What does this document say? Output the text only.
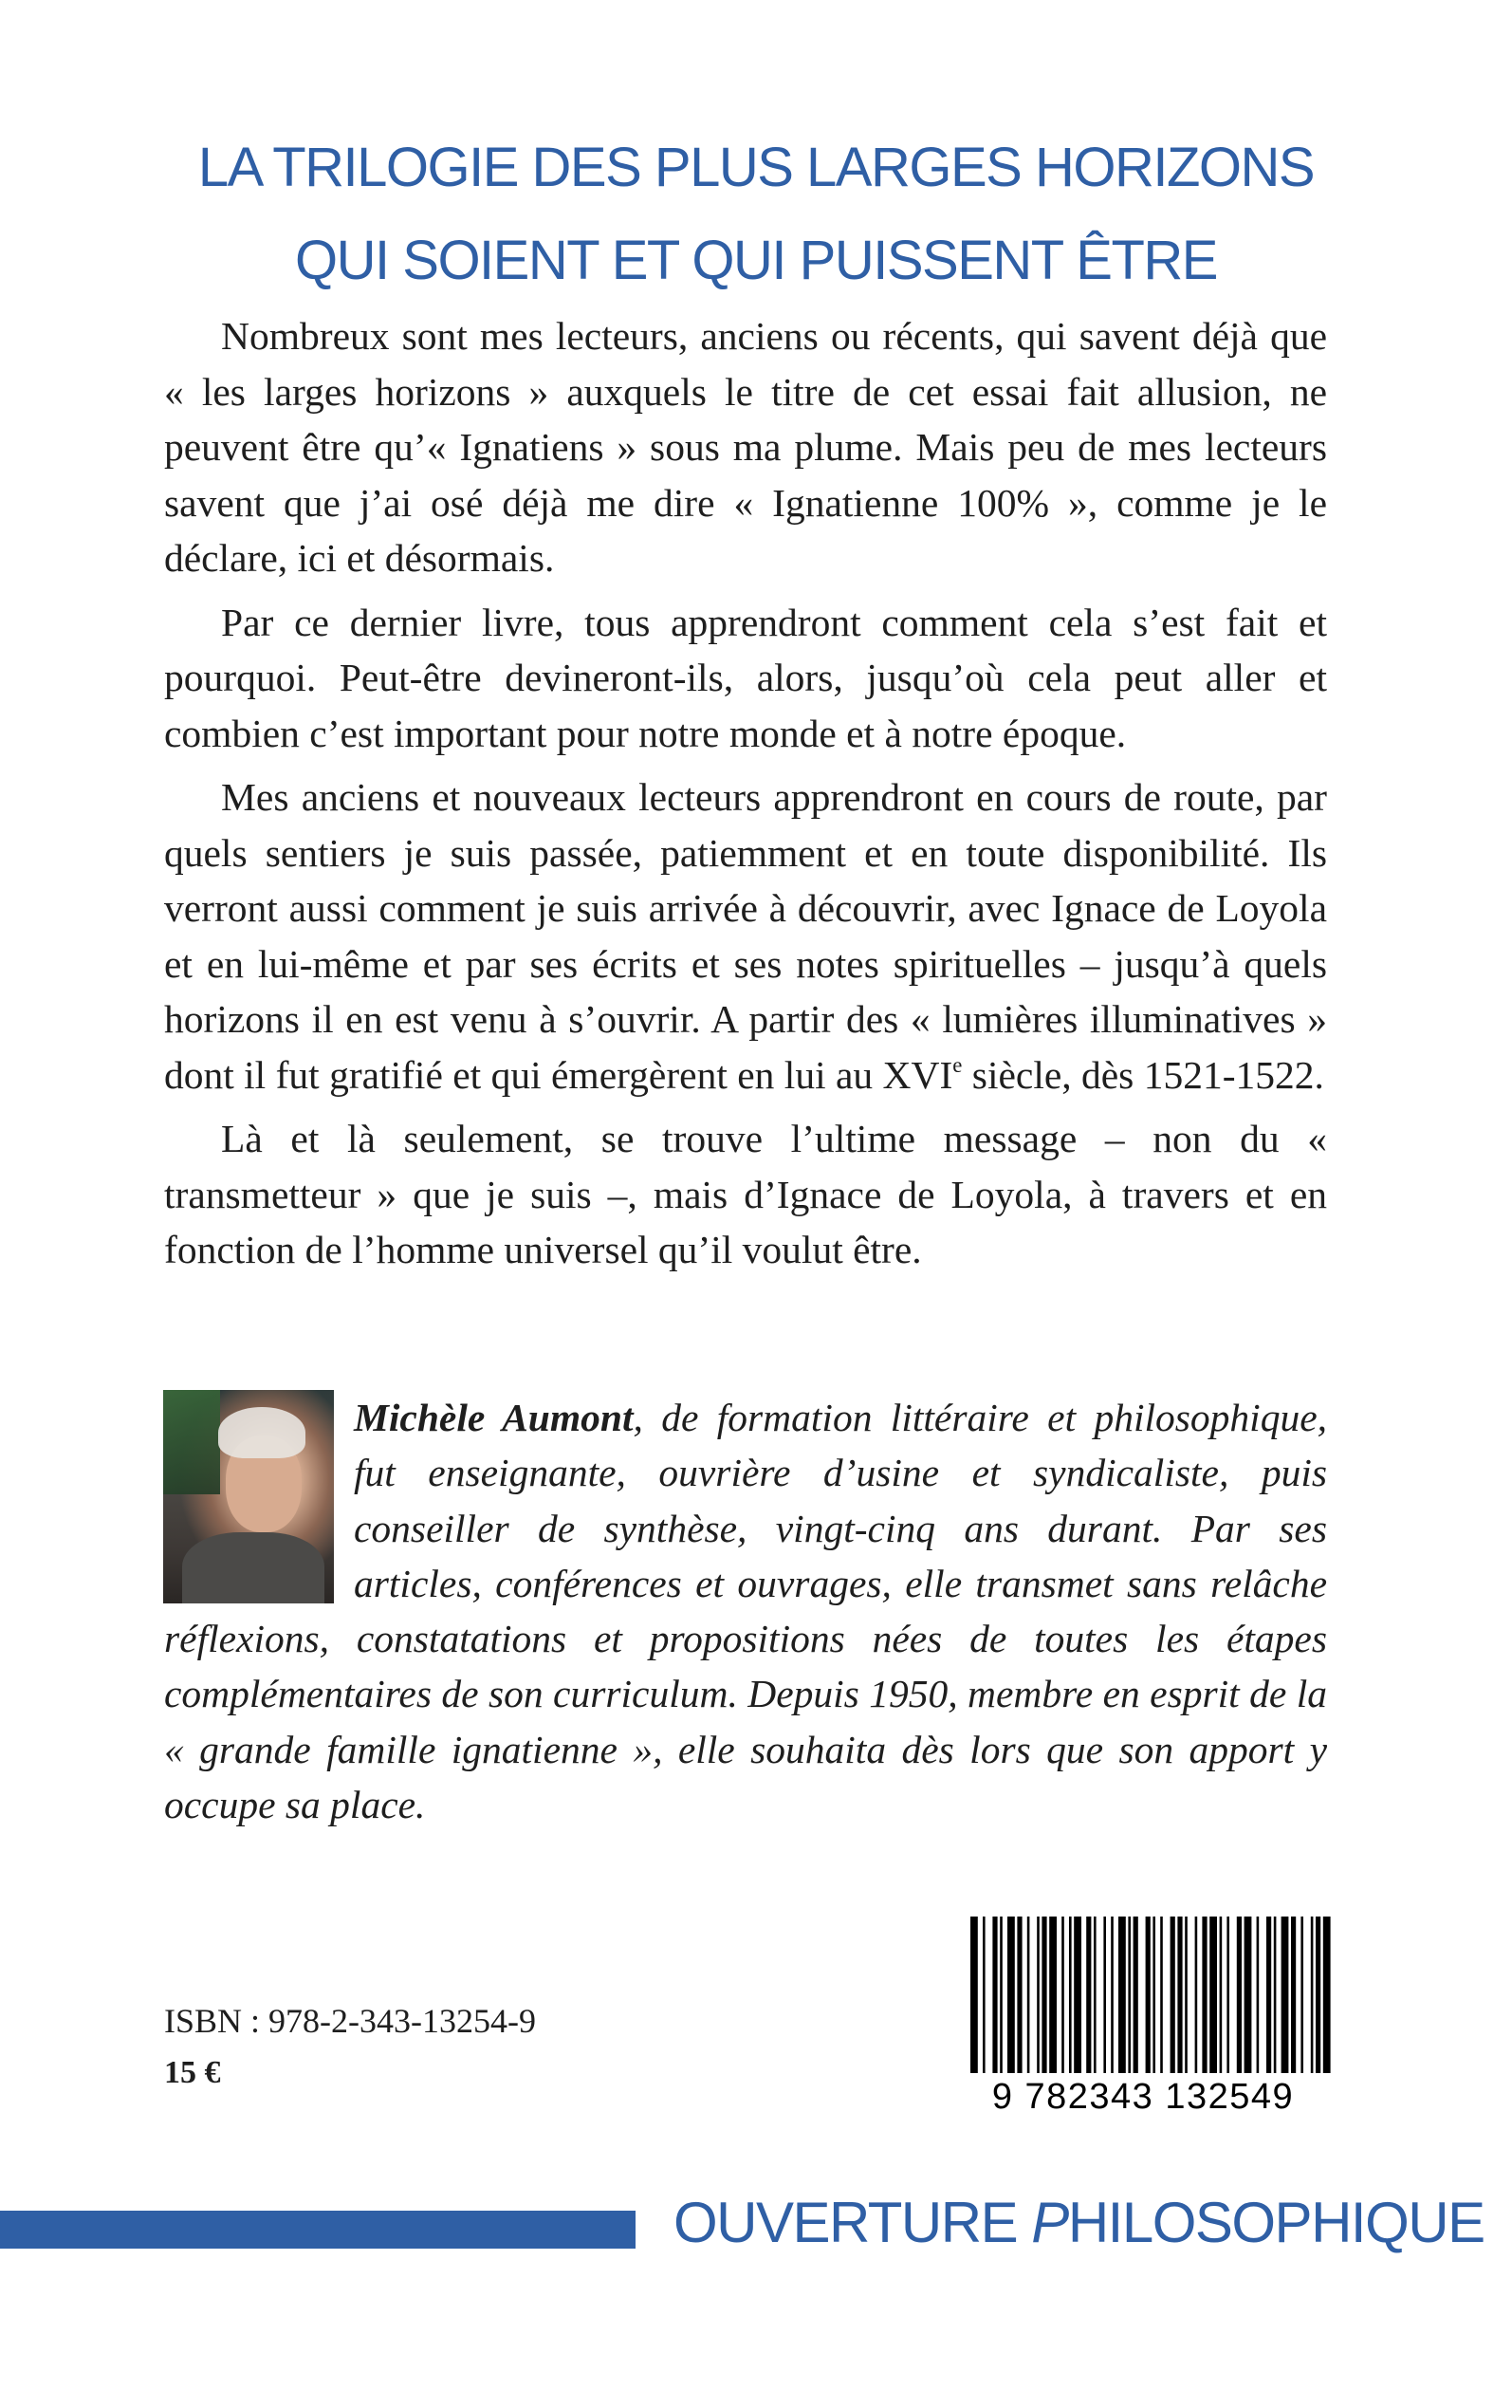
LA TRILOGIE DES PLUS LARGES HORIZONS
QUI SOIENT ET QUI PUISSENT ÊTRE

Nombreux sont mes lecteurs, anciens ou récents, qui savent déjà que « les larges horizons » auxquels le titre de cet essai fait allusion, ne peuvent être qu’« Ignatiens » sous ma plume. Mais peu de mes lecteurs savent que j’ai osé déjà me dire « Ignatienne 100% », comme je le déclare, ici et désormais.

Par ce dernier livre, tous apprendront comment cela s’est fait et pourquoi. Peut-être devineront-ils, alors, jusqu’où cela peut aller et combien c’est important pour notre monde et à notre époque.

Mes anciens et nouveaux lecteurs apprendront en cours de route, par quels sentiers je suis passée, patiemment et en toute disponibilité. Ils verront aussi comment je suis arrivée à découvrir, avec Ignace de Loyola et en lui-même et par ses écrits et ses notes spirituelles – jusqu’à quels horizons il en est venu à s’ouvrir. A partir des « lumières illuminatives » dont il fut gratifié et qui émergèrent en lui au XVIe siècle, dès 1521-1522.

Là et là seulement, se trouve l’ultime message – non du « transmetteur » que je suis –, mais d’Ignace de Loyola, à travers et en fonction de l’homme universel qu’il voulut être.

Michèle Aumont, de formation littéraire et philosophique, fut enseignante, ouvrière d’usine et syndicaliste, puis conseiller de synthèse, vingt-cinq ans durant. Par ses articles, conférences et ouvrages, elle transmet sans relâche réflexions, constatations et propositions nées de toutes les étapes complémentaires de son curriculum. Depuis 1950, membre en esprit de la « grande famille ignatienne », elle souhaita dès lors que son apport y occupe sa place.
ISBN : 978-2-343-13254-9
15 €
9 782343 132549
OUVERTURE PHILOSOPHIQUE
